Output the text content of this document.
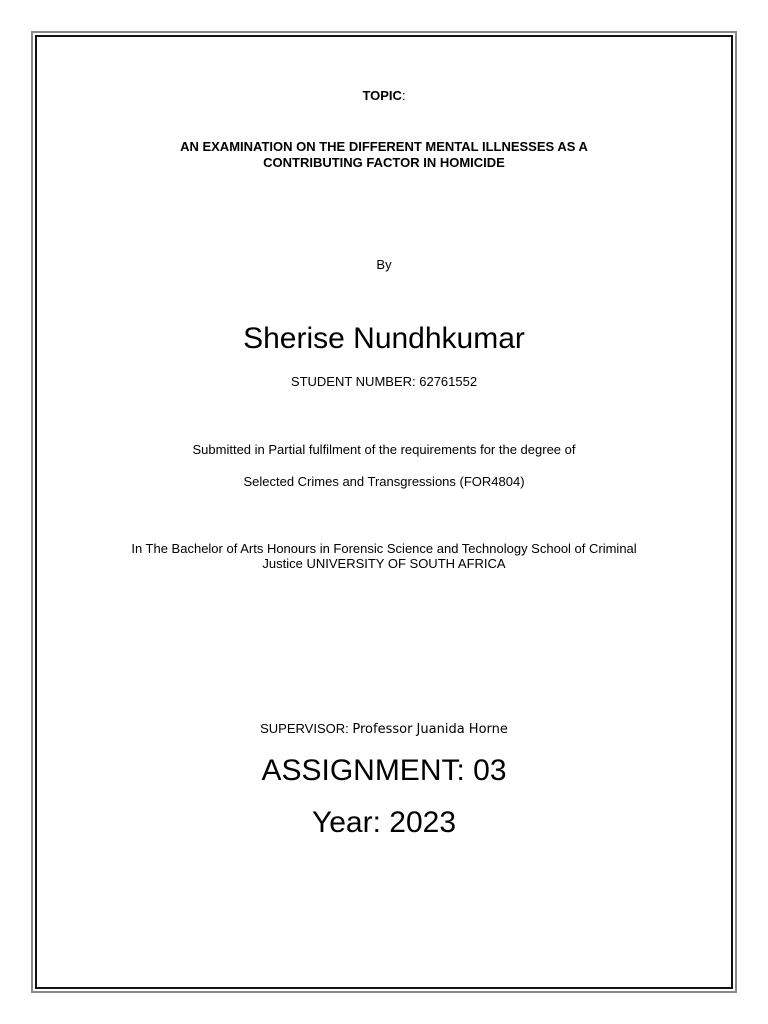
TOPIC:

AN EXAMINATION ON THE DIFFERENT MENTAL ILLNESSES AS A
CONTRIBUTING FACTOR IN HOMICIDE

By

Sherise Nundhkumar

STUDENT NUMBER: 62761552

Submitted in Partial fulfilment of the requirements for the degree of

Selected Crimes and Transgressions (FOR4804)

In The Bachelor of Arts Honours in Forensic Science and Technology School of Criminal
Justice UNIVERSITY OF SOUTH AFRICA

SUPERVISOR: Professor Juanida Horne

ASSIGNMENT: 03

Year: 2023
